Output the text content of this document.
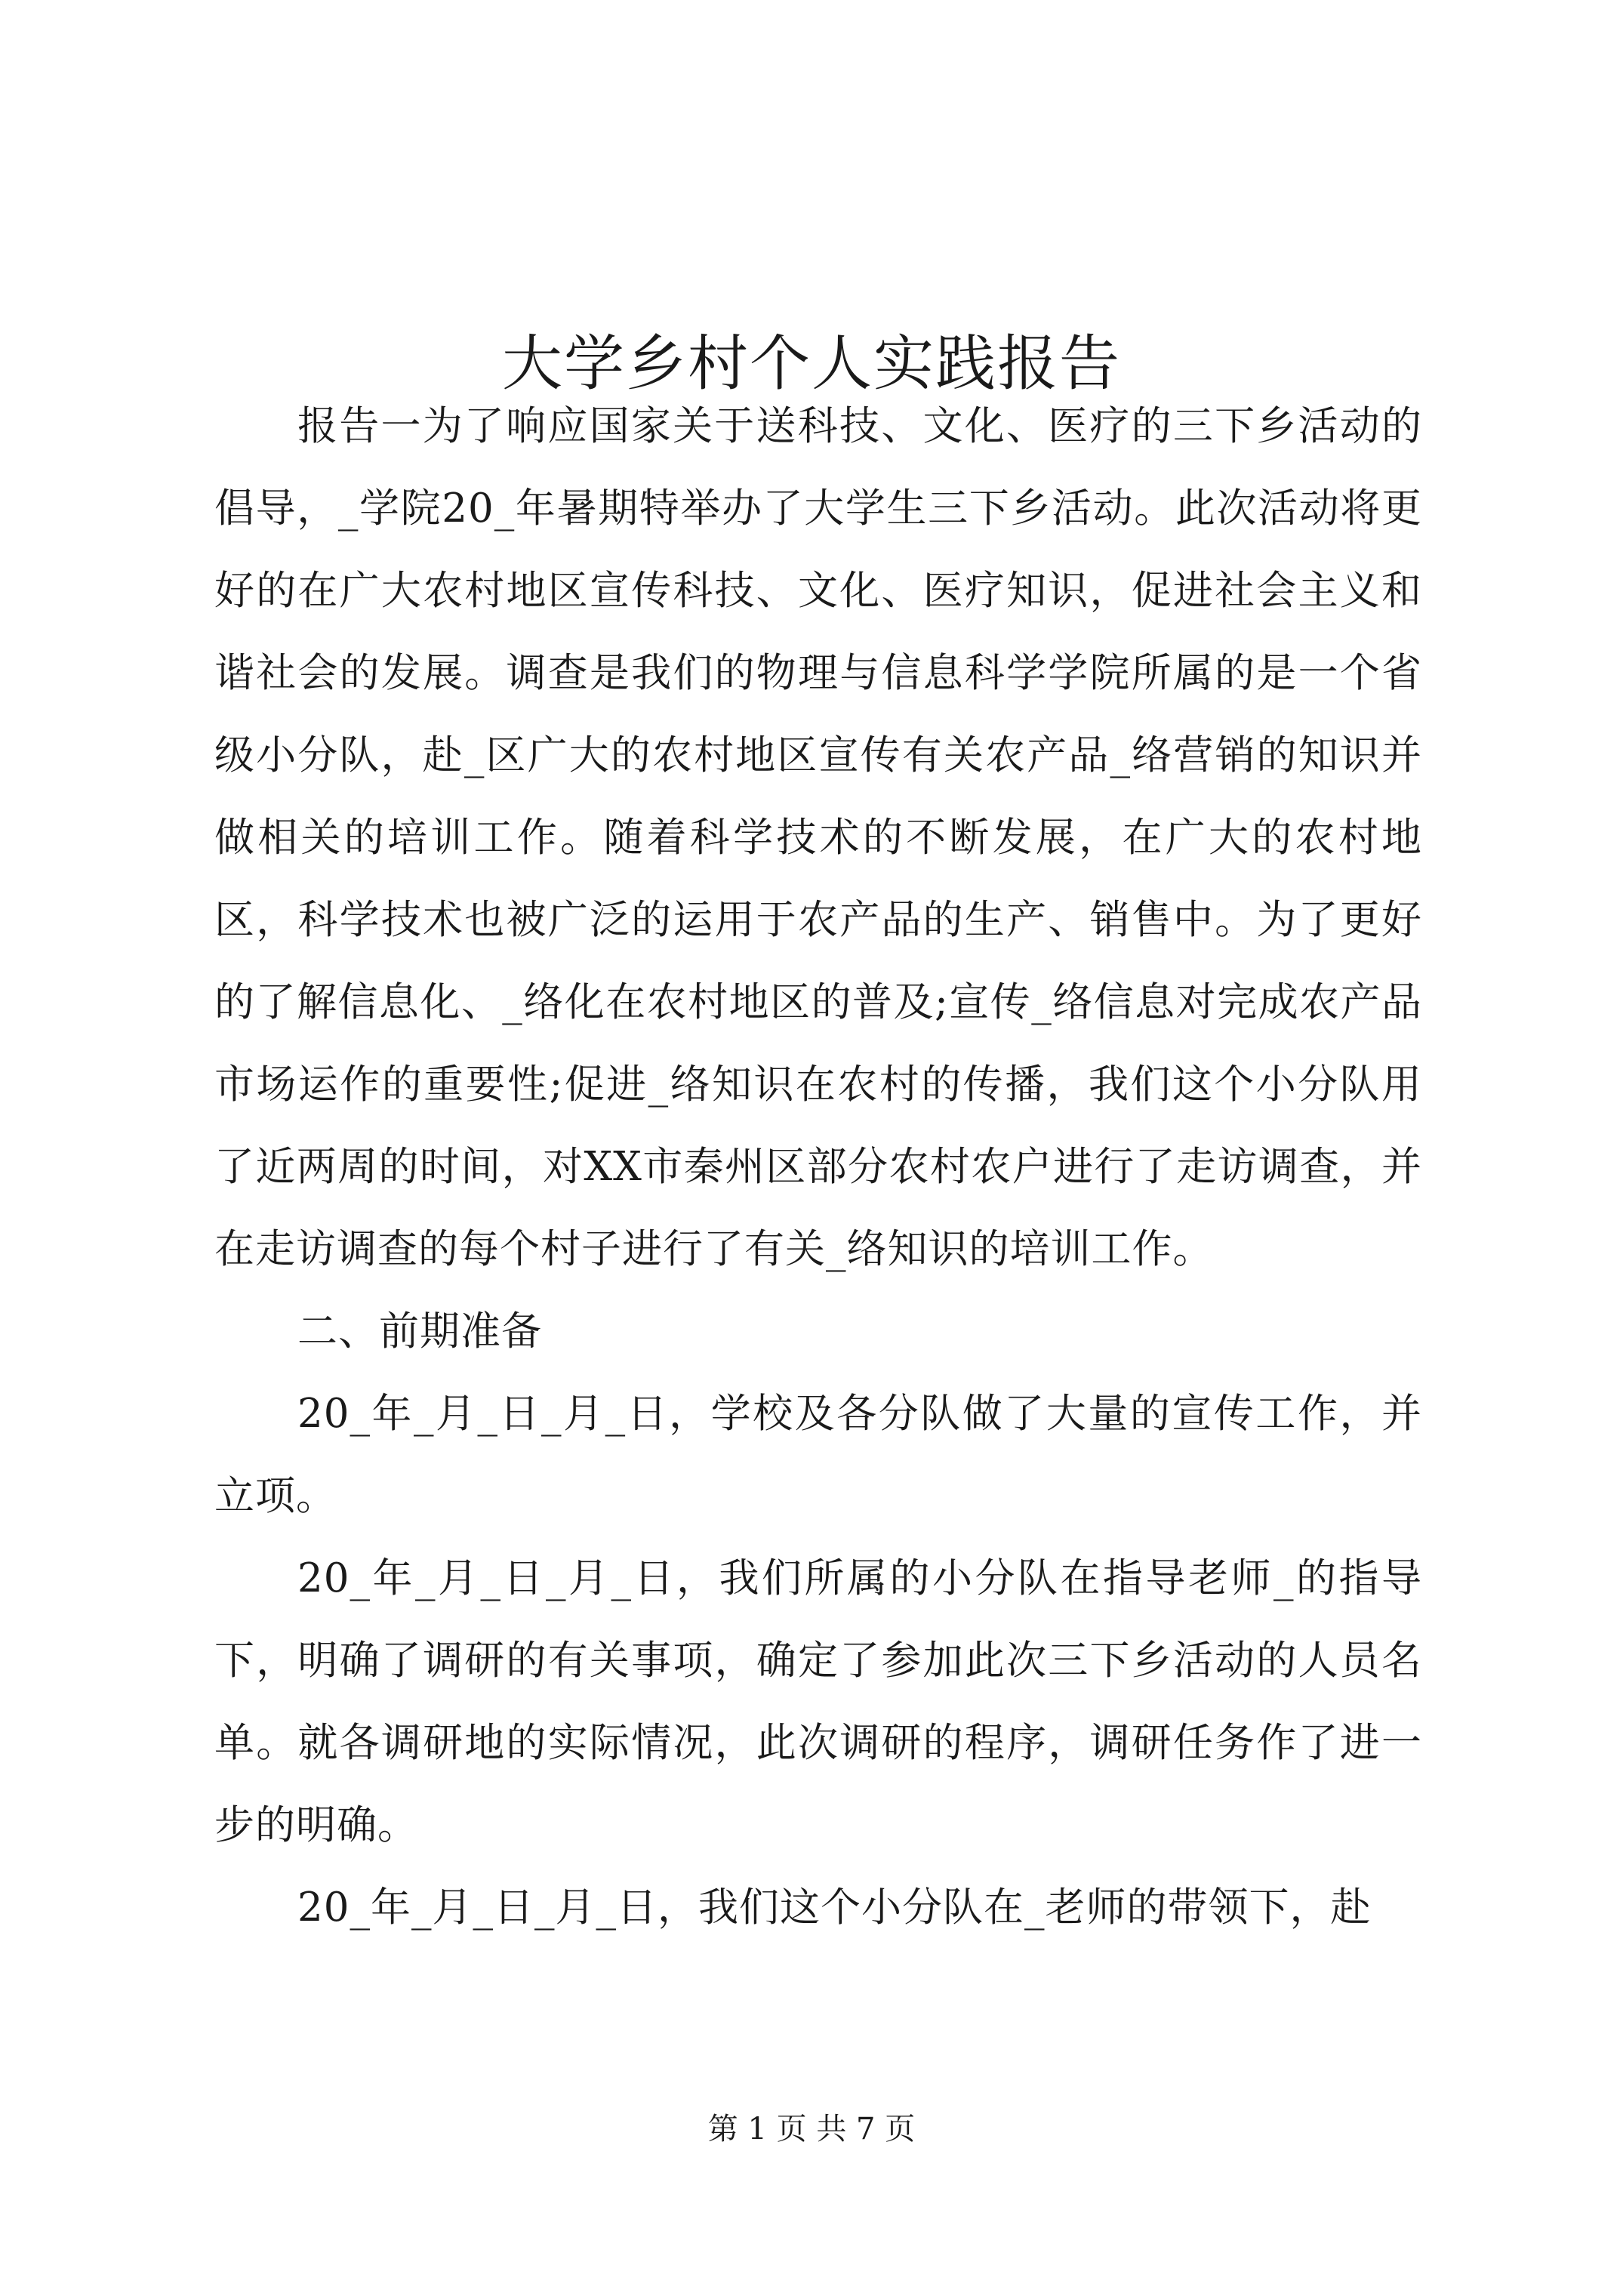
大学乡村个人实践报告

报告一为了响应国家关于送科技、文化、医疗的三下乡活动的倡导，_学院20_年暑期特举办了大学生三下乡活动。此次活动将更好的在广大农村地区宣传科技、文化、医疗知识，促进社会主义和谐社会的发展。调查是我们的物理与信息科学学院所属的是一个省级小分队，赴_区广大的农村地区宣传有关农产品_络营销的知识并做相关的培训工作。随着科学技术的不断发展，在广大的农村地区，科学技术也被广泛的运用于农产品的生产、销售中。为了更好的了解信息化、_络化在农村地区的普及;宣传_络信息对完成农产品市场运作的重要性;促进_络知识在农村的传播，我们这个小分队用了近两周的时间，对XX市秦州区部分农村农户进行了走访调查，并在走访调查的每个村子进行了有关_络知识的培训工作。

二、前期准备

20_年_月_日_月_日，学校及各分队做了大量的宣传工作，并立项。

20_年_月_日_月_日，我们所属的小分队在指导老师_的指导下，明确了调研的有关事项，确定了参加此次三下乡活动的人员名单。就各调研地的实际情况，此次调研的程序，调研任务作了进一步的明确。

20_年_月_日_月_日，我们这个小分队在_老师的带领下，赴

第 1 页 共 7 页
